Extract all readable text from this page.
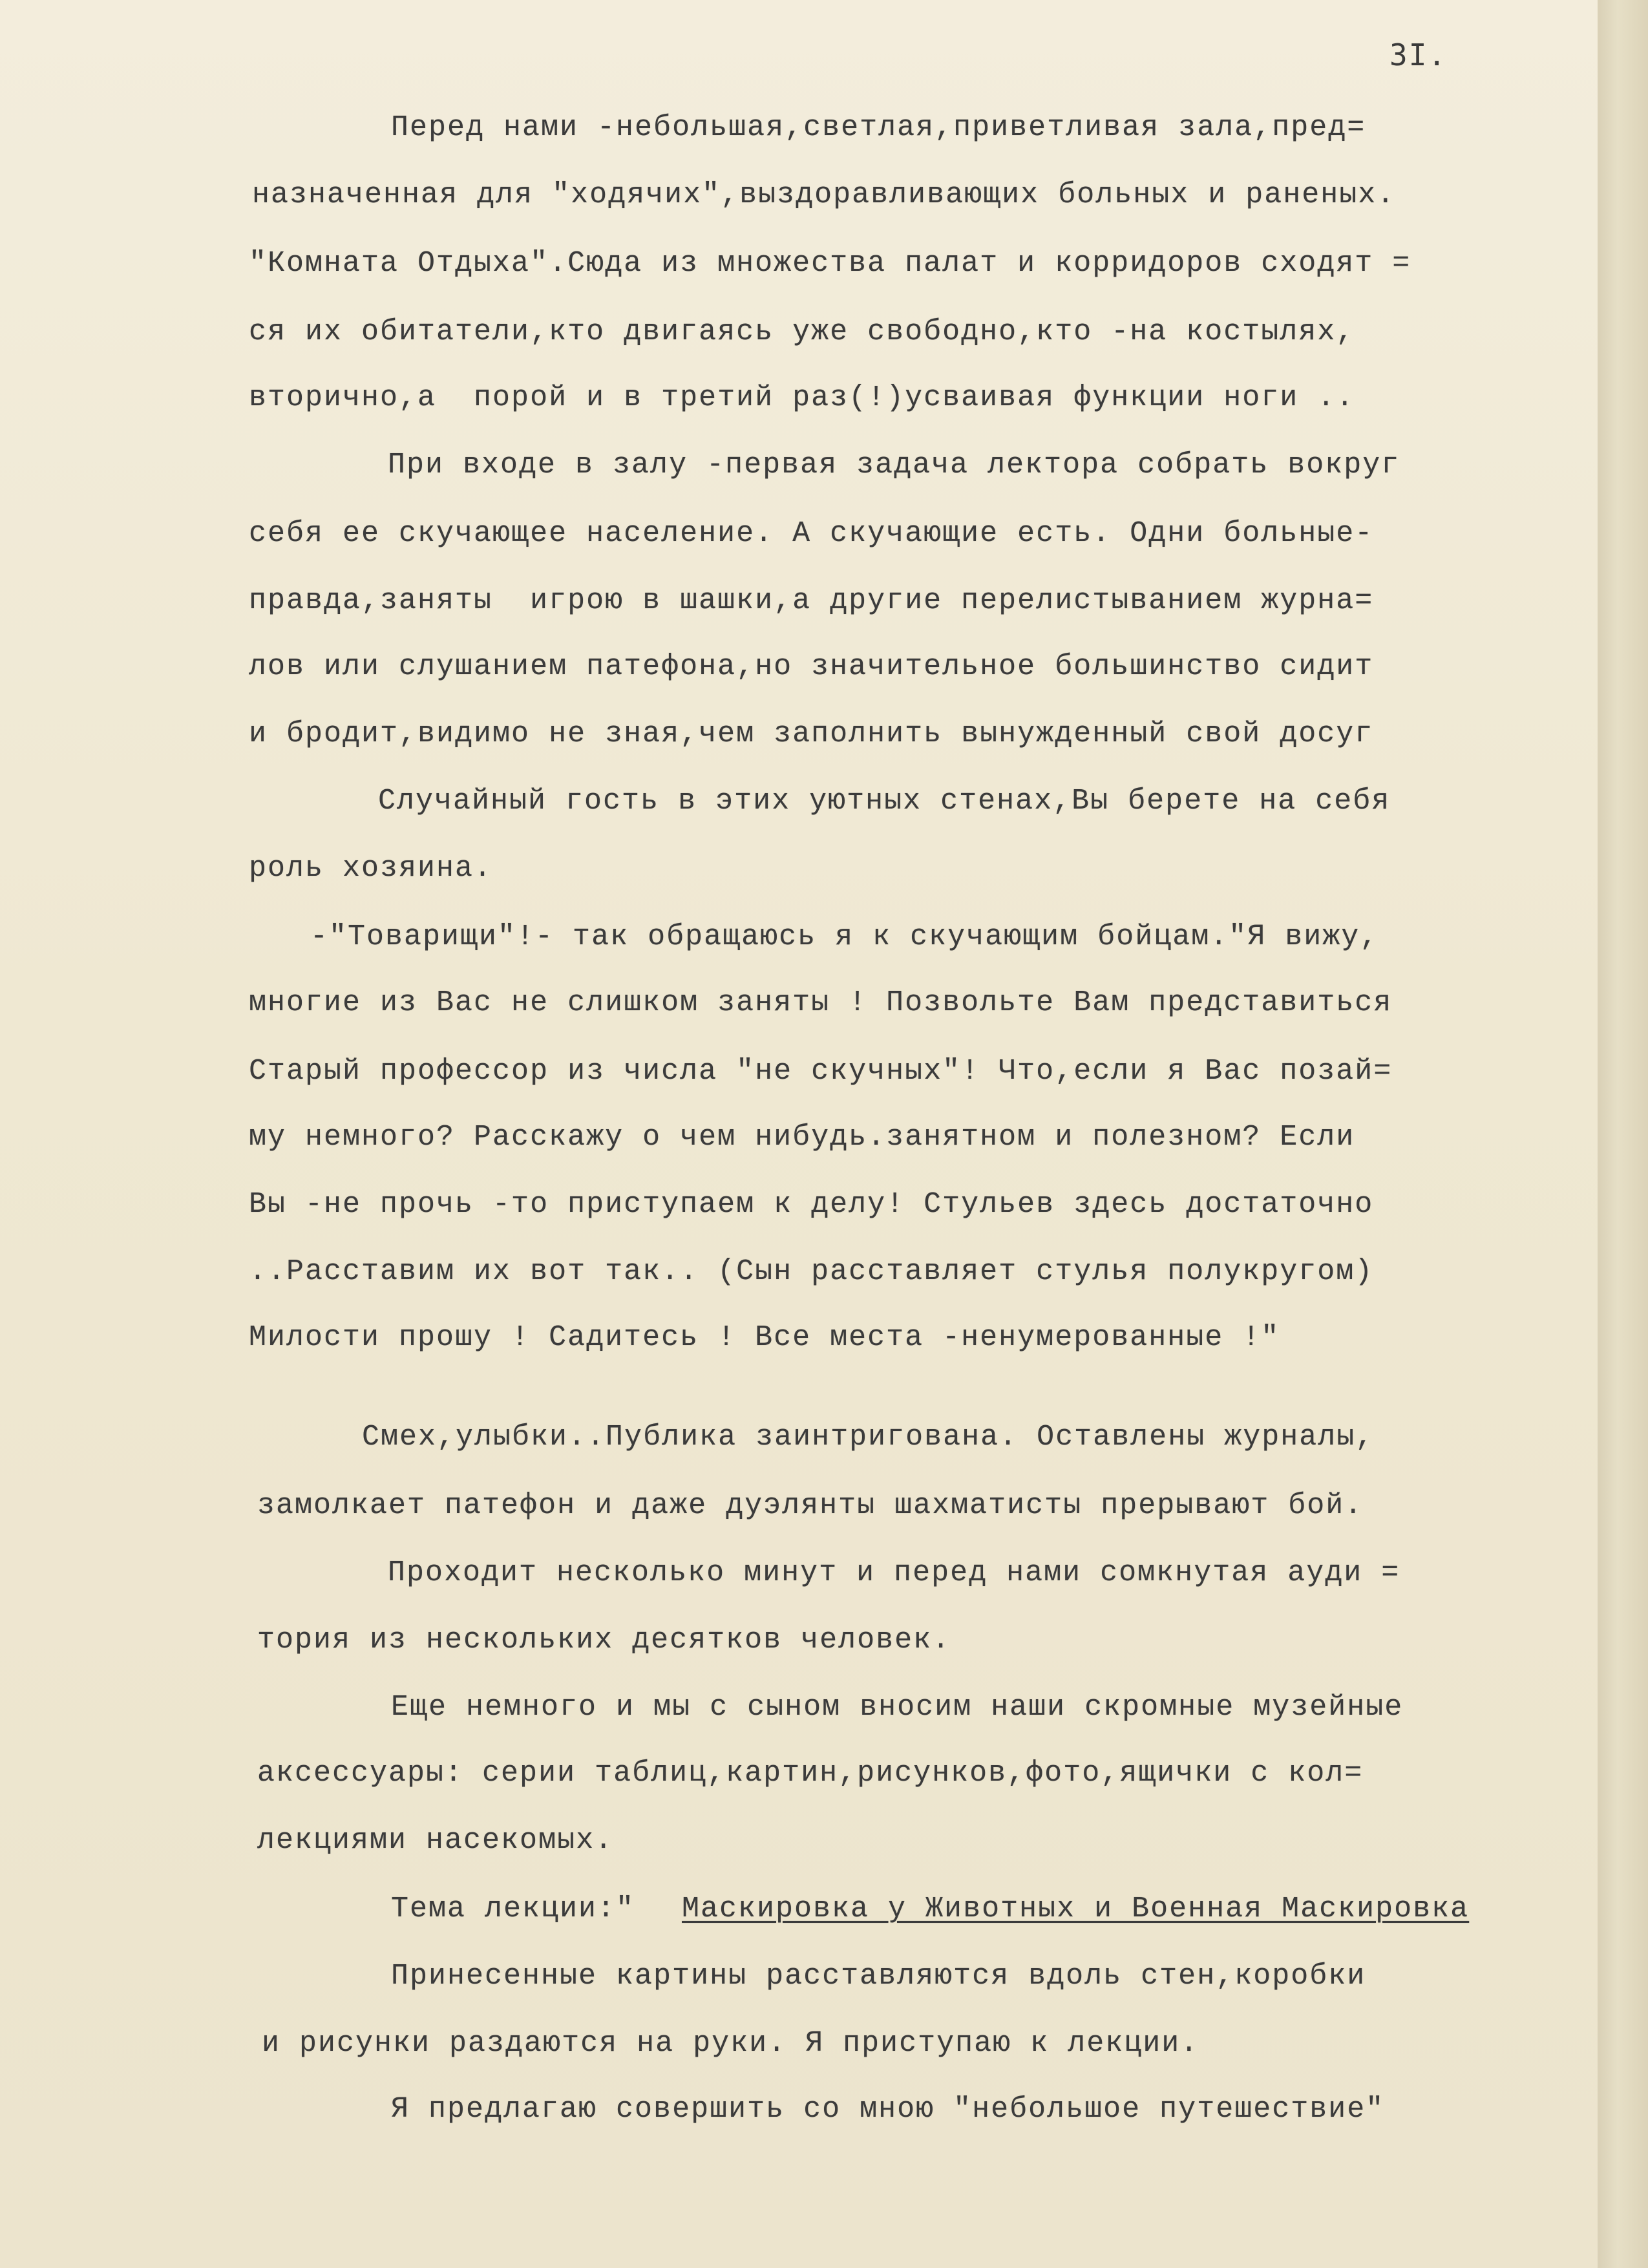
3I.
Перед нами -небольшая,светлая,приветливая зала,пред=
назначенная для "ходячих",выздоравливающих больных и раненых.
"Комната Отдыха".Сюда из множества палат и корридоров сходят =
ся их обитатели,кто двигаясь уже свободно,кто -на костылях,
вторично,а  порой и в третий раз(!)усваивая функции ноги ..
При входе в залу -первая задача лектора собрать вокруг
себя ее скучающее население. А скучающие есть. Одни больные-
правда,заняты  игрою в шашки,а другие перелистыванием журна=
лов или слушанием патефона,но значительное большинство сидит
и бродит,видимо не зная,чем заполнить вынужденный свой досуг
Случайный гость в этих уютных стенах,Вы берете на себя
роль хозяина.
-"Товарищи"!- так обращаюсь я к скучающим бойцам."Я вижу,
многие из Вас не слишком заняты ! Позвольте Вам представиться
Старый профессор из числа "не скучных"! Что,если я Вас позай=
му немного? Расскажу о чем нибудь.занятном и полезном? Если
Вы -не прочь -то приступаем к делу! Стульев здесь достаточно
..Расставим их вот так.. (Сын расставляет стулья полукругом)
Милости прошу ! Садитесь ! Все места -ненумерованные !"
Смех,улыбки..Публика заинтригована. Оставлены журналы,
замолкает патефон и даже дуэлянты шахматисты прерывают бой.
Проходит несколько минут и перед нами сомкнутая ауди =
тория из нескольких десятков человек.
Еще немного и мы с сыном вносим наши скромные музейные
аксессуары: серии таблиц,картин,рисунков,фото,ящички с кол=
лекциями насекомых.
Тема лекции:" Маскировка у Животных и Военная Маскировка
Принесенные картины расставляются вдоль стен,коробки
и рисунки раздаются на руки. Я приступаю к лекции.
Я предлагаю совершить со мною "небольшое путешествие"
